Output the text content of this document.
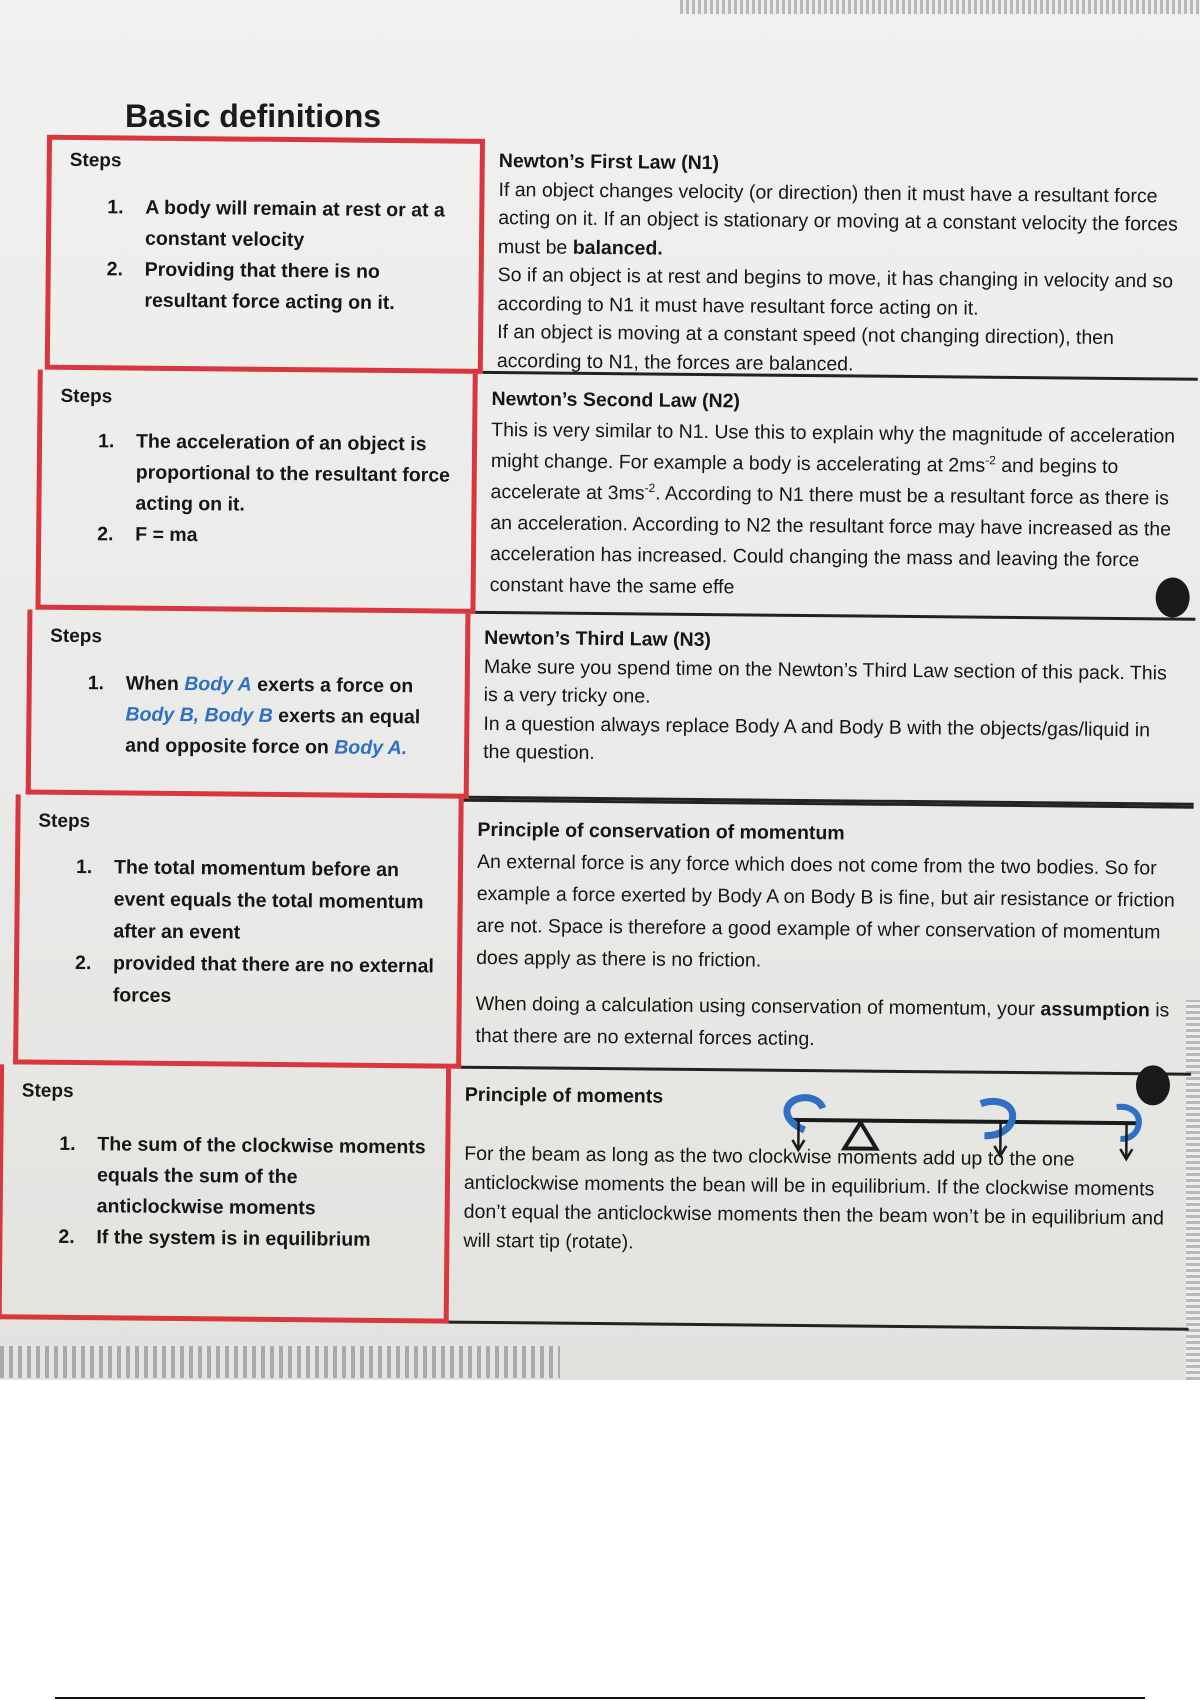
Basic definitions
Steps
1. A body will remain at rest or at a constant velocity
2. Providing that there is no resultant force acting on it.
Newton’s First Law (N1)

If an object changes velocity (or direction) then it must have a resultant force acting on it. If an object is stationary or moving at a constant velocity the forces must be balanced.

So if an object is at rest and begins to move, it has changing in velocity and so according to N1 it must have resultant force acting on it.

If an object is moving at a constant speed (not changing direction), then according to N1, the forces are balanced.

Steps
1. The acceleration of an object is proportional to the resultant force acting on it.
2. F = ma
Newton’s Second Law (N2)

This is very similar to N1. Use this to explain why the magnitude of acceleration might change. For example a body is accelerating at $2ms^{-2}$ and begins to accelerate at $3ms^{-2}$. According to N1 there must be a resultant force as there is an acceleration. According to N2 the resultant force may have increased as the acceleration has increased. Could changing the mass and leaving the force constant have the same effe

Steps
1. When Body A exerts a force on Body B, Body B exerts an equal and opposite force on Body A.
Newton’s Third Law (N3)

Make sure you spend time on the Newton’s Third Law section of this pack. This is a very tricky one.

In a question always replace Body A and Body B with the objects/gas/liquid in the question.

Steps
1. The total momentum before an event equals the total momentum after an event
2. provided that there are no external forces
Principle of conservation of momentum

An external force is any force which does not come from the two bodies. So for example a force exerted by Body A on Body B is fine, but air resistance or friction are not. Space is therefore a good example of wher conservation of momentum does apply as there is no friction.

When doing a calculation using conservation of momentum, your assumption is that there are no external forces acting.

Steps
1. The sum of the clockwise moments equals the sum of the anticlockwise moments
2. If the system is in equilibrium
Principle of moments

For the beam as long as the two clockwise moments add up to the one anticlockwise moments the bean will be in equilibrium. If the clockwise moments don’t equal the anticlockwise moments then the beam won’t be in equilibrium and will start tip (rotate).
